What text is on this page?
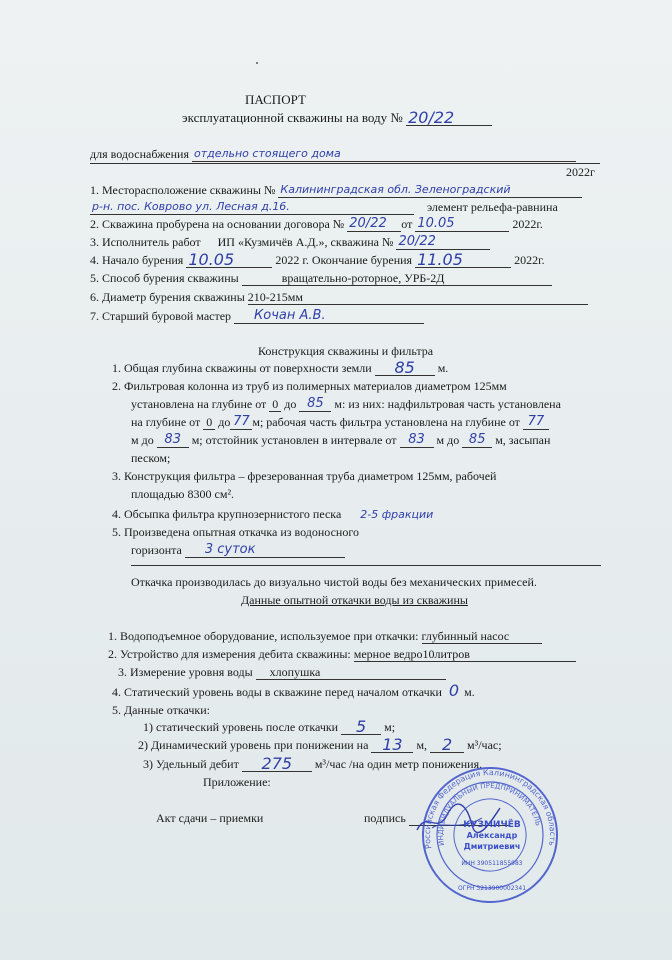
ПАСПОРТ
эксплуатационной скважины на воду № 20/22
для водоснабжения отдельно стоящего дома
2022г
1. Месторасположение скважины № Калининградская обл. Зеленоградский
р-н. пос. Коврово ул. Лесная д.16.	элемент рельефа-равнина
2. Скважина пробурена на основании договора № 20/22 от 10.05	2022г.
3. Исполнитель работ ИП «Кузмичёв А.Д.», скважина № 20/22
4. Начало бурения 10.05	2022 г. Окончание бурения 11.05	2022г.
5. Способ бурения скважины	вращательно-роторное, УРБ-2Д
6. Диаметр бурения скважины 210-215мм
7. Старший буровой мастер Кочан А.В.
Конструкция скважины и фильтра
1. Общая глубина скважины от поверхности земли 85 м.
2. Фильтровая колонна из труб из полимерных материалов диаметром 125мм
установлена на глубине от 0 до 85 м: из них: надфильтровая часть установлена
на глубине от 0 до 77 м; рабочая часть фильтра установлена на глубине от 77
м до 83 м; отстойник установлен в интервале от 83 м до 85 м, засыпан
песком;
3. Конструкция фильтра – фрезерованная труба диаметром 125мм, рабочей
площадью 8300 см².
4. Обсыпка фильтра крупнозернистого песка 2-5 фракции
5. Произведена опытная откачка из водоносного
горизонта 3 суток
Откачка производилась до визуально чистой воды без механических примесей.
Данные опытной откачки воды из скважины
1. Водоподъемное оборудование, используемое при откачки: глубинный насос
2. Устройство для измерения дебита скважины: мерное ведро10литров
3. Измерение уровня воды хлопушка
4. Статический уровень воды в скважине перед началом откачки 0 м.
5. Данные откачки:
1) статический уровень после откачки 5 м;
2) Динамический уровень при понижении на 13 м, 2 м³/час;
3) Удельный дебит 275 м³/час /на один метр понижения.
Приложение:
Акт сдачи – приемки	подпись
Российская Федерация Калининградская область
ИНДИВИДУАЛЬНЫЙ ПРЕДПРИНИМАТЕЛЬ
КУЗМИЧЁВ
Александр
Дмитриевич
ИНН 390511855983
ОГРН 3213900002341
